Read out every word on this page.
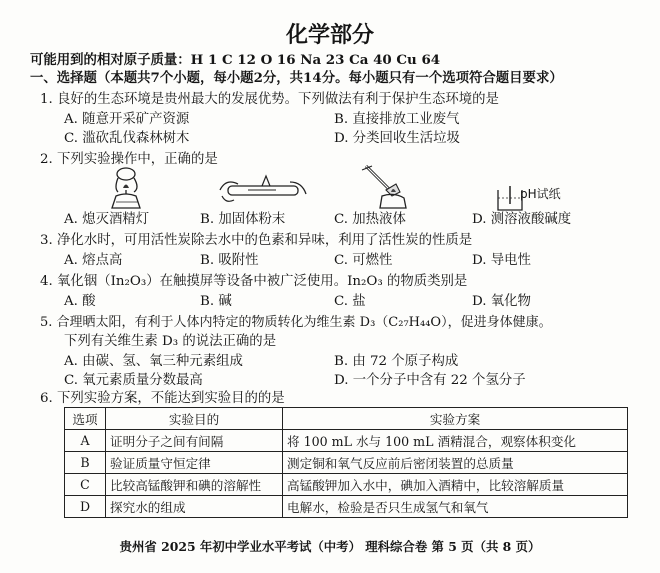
化学部分
可能用到的相对原子质量：H 1 C 12 O 16 Na 23 Ca 40 Cu 64
一、选择题（本题共7个小题，每小题2分，共14分。每小题只有一个选项符合题目要求）
1. 良好的生态环境是贵州最大的发展优势。下列做法有利于保护生态环境的是
A. 随意开采矿产资源	B. 直接排放工业废气
C. 滥砍乱伐森林树木	D. 分类回收生活垃圾
2. 下列实验操作中，正确的是
pH试纸
A. 熄灭酒精灯	B. 加固体粉末	C. 加热液体	D. 测溶液酸碱度
3. 净化水时，可用活性炭除去水中的色素和异味，利用了活性炭的性质是
A. 熔点高	B. 吸附性	C. 可燃性	D. 导电性
4. 氧化铟（In₂O₃）在触摸屏等设备中被广泛使用。In₂O₃ 的物质类别是
A. 酸	B. 碱	C. 盐	D. 氧化物
5. 合理晒太阳，有利于人体内特定的物质转化为维生素 D₃（C₂₇H₄₄O），促进身体健康。
下列有关维生素 D₃ 的说法正确的是
A. 由碳、氢、氧三种元素组成	B. 由 72 个原子构成
C. 氧元素质量分数最高	D. 一个分子中含有 22 个氢分子
6. 下列实验方案，不能达到实验目的的是
选项	实验目的	实验方案
A	证明分子之间有间隔	将 100 mL 水与 100 mL 酒精混合，观察体积变化
B	验证质量守恒定律	测定铜和氧气反应前后密闭装置的总质量
C	比较高锰酸钾和碘的溶解性	高锰酸钾加入水中，碘加入酒精中，比较溶解质量
D	探究水的组成	电解水，检验是否只生成氢气和氧气
贵州省 2025 年初中学业水平考试（中考） 理科综合卷 第 5 页（共 8 页）
